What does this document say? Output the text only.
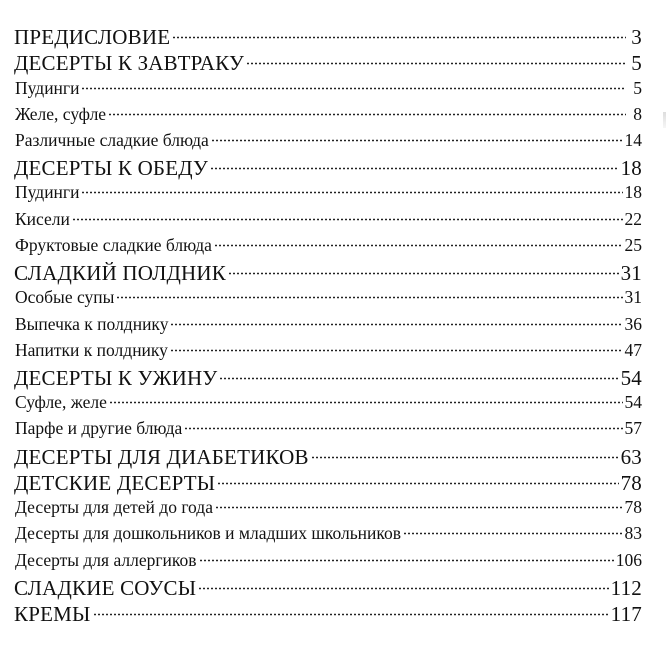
ПРЕДИСЛОВИЕ	3
ДЕСЕРТЫ К ЗАВТРАКУ	5
Пудинги	5
Желе, суфле	8
Различные сладкие блюда	14
ДЕСЕРТЫ К ОБЕДУ	18
Пудинги	18
Кисели	22
Фруктовые сладкие блюда	25
СЛАДКИЙ ПОЛДНИК	31
Особые супы	31
Выпечка к полднику	36
Напитки к полднику	47
ДЕСЕРТЫ К УЖИНУ	54
Суфле, желе	54
Парфе и другие блюда	57
ДЕСЕРТЫ ДЛЯ ДИАБЕТИКОВ	63
ДЕТСКИЕ ДЕСЕРТЫ	78
Десерты для детей до года	78
Десерты для дошкольников и младших школьников	83
Десерты для аллергиков	106
СЛАДКИЕ СОУСЫ	112
КРЕМЫ	117
